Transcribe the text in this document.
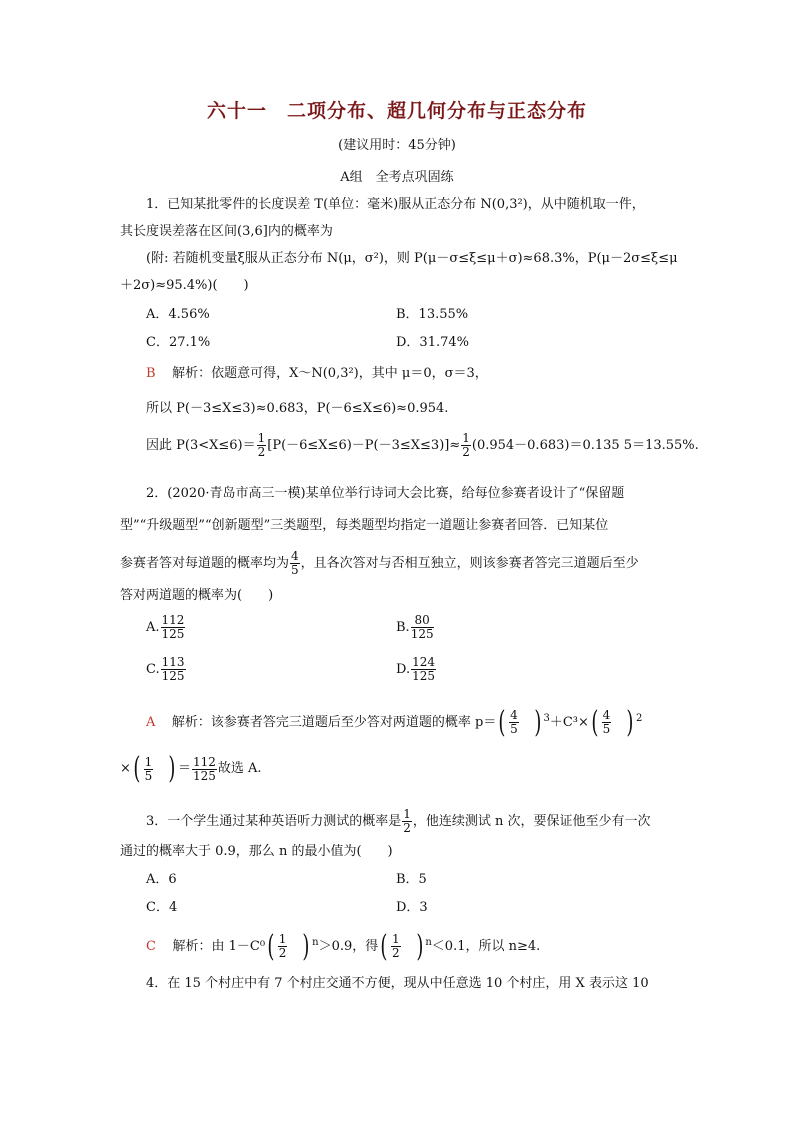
六十一　二项分布、超几何分布与正态分布
(建议用时：45分钟)
A组　全考点巩固练
1．已知某批零件的长度误差 T(单位：毫米)服从正态分布 N(0,3²)，从中随机取一件，
其长度误差落在区间(3,6]内的概率为
(附: 若随机变量ξ服从正态分布 N(μ，σ²)，则 P(μ－σ≤ξ≤μ＋σ)≈68.3%，P(μ－2σ≤ξ≤μ
＋2σ)≈95.4%)(　　)
A．4.56%	B．13.55%
C．27.1%	D．31.74%
B 解析：依题意可得，X～N(0,3²)，其中 μ＝0，σ＝3，
所以 P(－3≤X≤3)≈0.683，P(－6≤X≤6)≈0.954.
因此 $P(3<X\le 6)= \frac{1}{2} [P(-6\le X\le 6)-P(-3\le X\le 3)]\approx \frac{1}{2} (0.954-0.683)=0.135$ 5＝13.55%.
2．(2020·青岛市高三一模)某单位举行诗词大会比赛，给每位参赛者设计了“保留题
型”“升级题型”“创新题型”三类题型，每类题型均指定一道题让参赛者回答．已知某位
参赛者答对每道题的概率均为 $\frac{4}{5}$ ，且各次答对与否相互独立，则该参赛者答完三道题后至少
答对两道题的概率为(　　)
A. $\frac{112}{125}$	B. $\frac{80}{125}$
C. $\frac{113}{125}$	D. $\frac{124}{125}$
A 解析：该参赛者答完三道题后至少答对两道题的概率 $p=( \frac{4}{5}$ ) $^3+C^3\times( \frac{4}{5}$ ) $^2$
×( $\frac{1}{5}$ ) ＝ $\frac{112}{125}$ 故选 A.
3．一个学生通过某种英语听力测试的概率是 $\frac{1}{2}$ ，他连续测试 n 次，要保证他至少有一次
通过的概率大于 0.9，那么 n 的最小值为(　　)
A．6	B．5
C．4	D．3
C 解析：由 $1-C^0( \frac{1}{2}$ ) $^n$＞0.9，得( $\frac{1}{2}$ ) $^n$＜0.1，所以 n≥4.
4．在 15 个村庄中有 7 个村庄交通不方便，现从中任意选 10 个村庄，用 X 表示这 10
